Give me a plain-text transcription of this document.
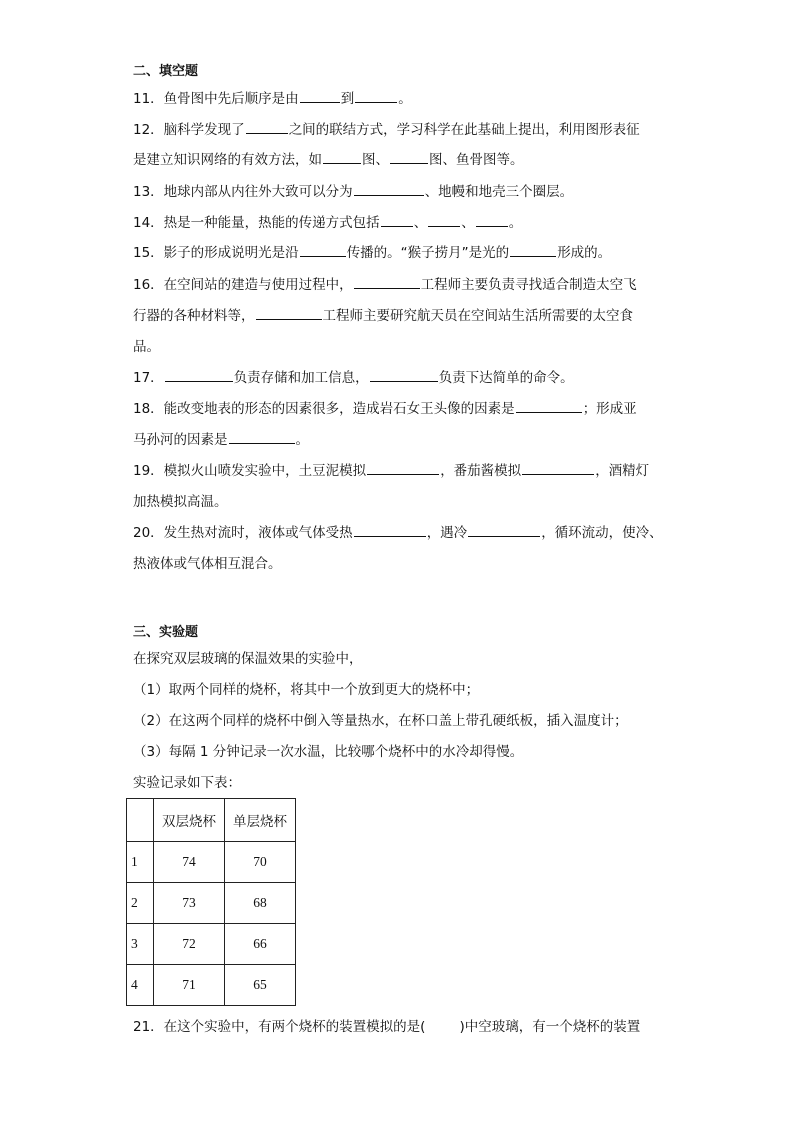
二、填空题
11．鱼骨图中先后顺序是由	到	。
12．脑科学发现了	之间的联结方式，学习科学在此基础上提出，利用图形表征
是建立知识网络的有效方法，如	图、	图、鱼骨图等。
13．地球内部从内往外大致可以分为	、地幔和地壳三个圈层。
14．热是一种能量，热能的传递方式包括	、	、	。
15．影子的形成说明光是沿	传播的。“猴子捞月”是光的	形成的。
16．在空间站的建造与使用过程中，	工程师主要负责寻找适合制造太空飞
行器的各种材料等，	工程师主要研究航天员在空间站生活所需要的太空食
品。
17．	负责存储和加工信息，	负责下达简单的命令。
18．能改变地表的形态的因素很多，造成岩石女王头像的因素是	；形成亚
马孙河的因素是	。
19．模拟火山喷发实验中，土豆泥模拟	，番茄酱模拟	，酒精灯
加热模拟高温。
20．发生热对流时，液体或气体受热	，遇冷	，循环流动，使冷、
热液体或气体相互混合。
三、实验题
在探究双层玻璃的保温效果的实验中，
（1）取两个同样的烧杯，将其中一个放到更大的烧杯中；
（2）在这两个同样的烧杯中倒入等量热水，在杯口盖上带孔硬纸板，插入温度计；
（3）每隔 1 分钟记录一次水温，比较哪个烧杯中的水冷却得慢。
实验记录如下表：
	双层烧杯	单层烧杯
1	74	70
2	73	68
3	72	66
4	71	65
21．在这个实验中，有两个烧杯的装置模拟的是(	)中空玻璃，有一个烧杯的装置
